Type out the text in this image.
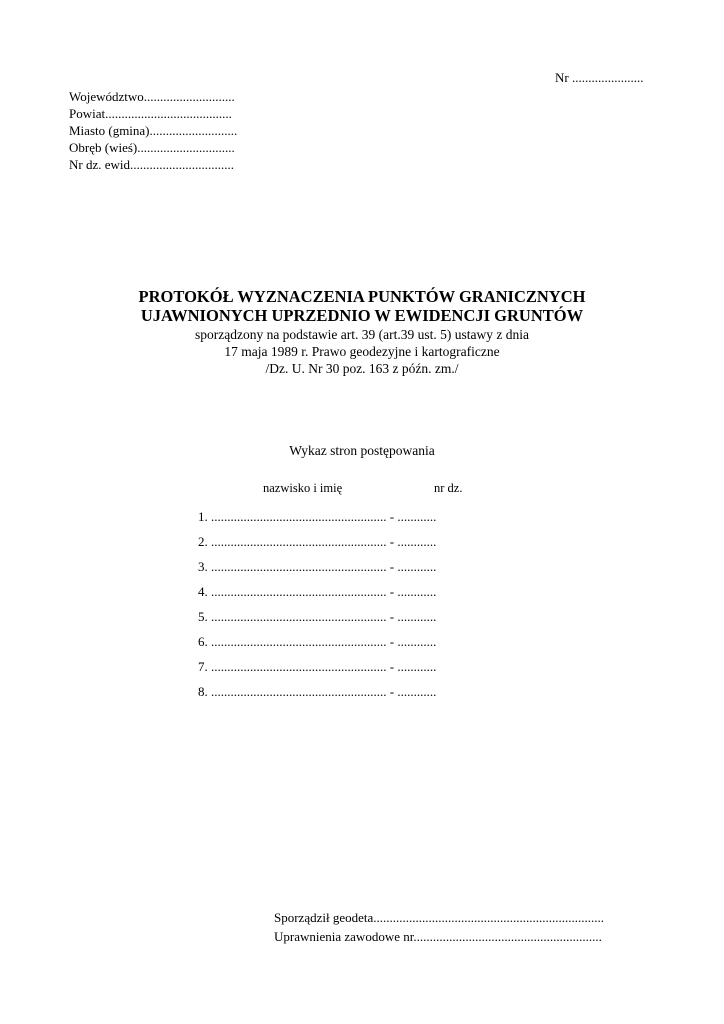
Nr ......................
Województwo............................
Powiat.......................................
Miasto (gmina)...........................
Obręb (wieś)..............................
Nr dz. ewid................................
PROTOKÓŁ WYZNACZENIA PUNKTÓW GRANICZNYCH
UJAWNIONYCH UPRZEDNIO W EWIDENCJI GRUNTÓW
sporządzony na podstawie art. 39 (art.39 ust. 5) ustawy z dnia
17 maja 1989 r. Prawo geodezyjne i kartograficzne
/Dz. U. Nr 30 poz. 163 z późn. zm./
Wykaz stron postępowania
nazwisko i imię	nr dz.
1. ...................................................... - ............
2. ...................................................... - ............
3. ...................................................... - ............
4. ...................................................... - ............
5. ...................................................... - ............
6. ...................................................... - ............
7. ...................................................... - ............
8. ...................................................... - ............
Sporządził geodeta.......................................................................
Uprawnienia zawodowe nr..........................................................
